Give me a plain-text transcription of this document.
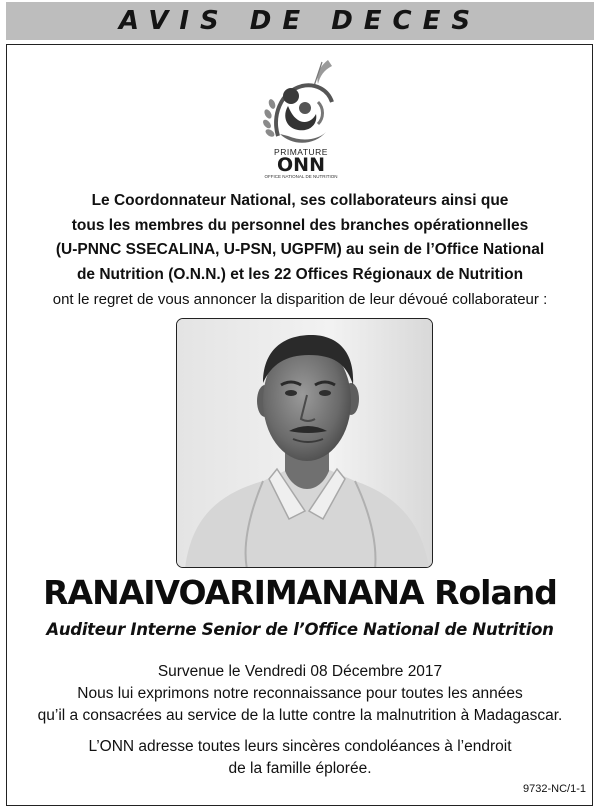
AVIS DE DECES
PRIMATURE
ONN
OFFICE NATIONAL DE NUTRITION
Le Coordonnateur National, ses collaborateurs ainsi que
tous les membres du personnel des branches opérationnelles
(U-PNNC SSECALINA, U-PSN, UGPFM) au sein de l’Office National
de Nutrition (O.N.N.) et les 22 Offices Régionaux de Nutrition
ont le regret de vous annoncer la disparition de leur dévoué collaborateur :
RANAIVOARIMANANA Roland
Auditeur Interne Senior de l’Office National de Nutrition
Survenue le Vendredi 08 Décembre 2017
Nous lui exprimons notre reconnaissance pour toutes les années
qu’il a consacrées au service de la lutte contre la malnutrition à Madagascar.
L’ONN adresse toutes leurs sincères condoléances à l’endroit
de la famille éplorée.
9732-NC/1-1
